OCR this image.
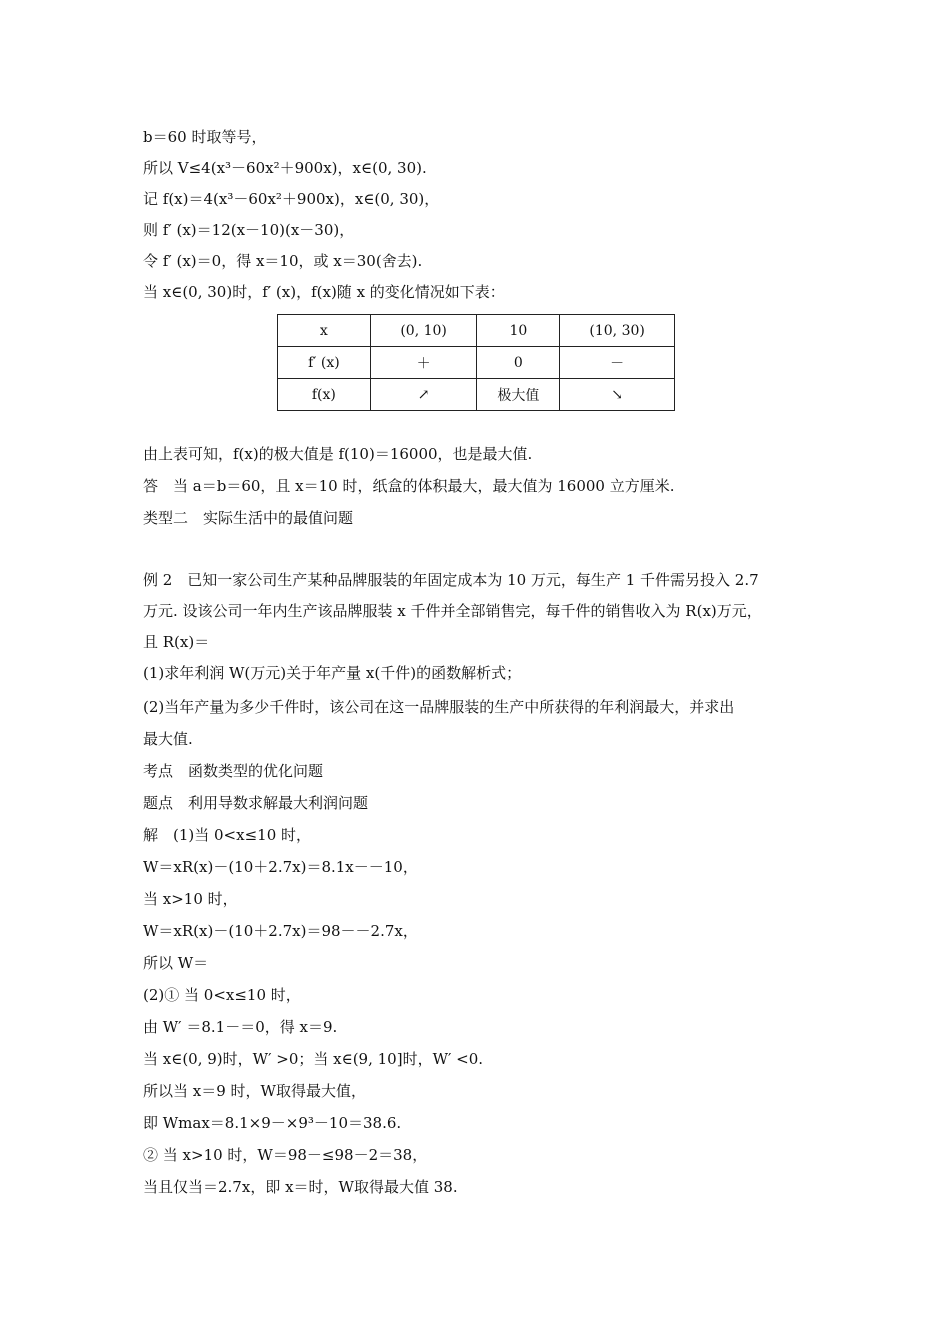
b＝60 时取等号，

所以 V≤4(x³－60x²＋900x)，x∈(0, 30).

记 f(x)＝4(x³－60x²＋900x)，x∈(0, 30)，

则 f′ (x)＝12(x－10)(x－30)，

令 f′ (x)＝0，得 x＝10，或 x＝30(舍去).

当 x∈(0, 30)时，f′ (x)，f(x)随 x 的变化情况如下表：

x	(0, 10)	10	(10, 30)
f′ (x)	＋	0	－
f(x)	↗	极大值	↘

由上表可知，f(x)的极大值是 f(10)＝16000，也是最大值.

答　当 a＝b＝60，且 x＝10 时，纸盒的体积最大，最大值为 16000 立方厘米.

类型二　实际生活中的最值问题

例 2　已知一家公司生产某种品牌服装的年固定成本为 10 万元，每生产 1 千件需另投入 2.7

万元. 设该公司一年内生产该品牌服装 x 千件并全部销售完，每千件的销售收入为 R(x)万元，

且 R(x)＝

(1)求年利润 W(万元)关于年产量 x(千件)的函数解析式；

(2)当年产量为多少千件时，该公司在这一品牌服装的生产中所获得的年利润最大，并求出

最大值.

考点　函数类型的优化问题

题点　利用导数求解最大利润问题

解　(1)当 0<x≤10 时，

W＝xR(x)－(10＋2.7x)＝8.1x－－10，

当 x>10 时，

W＝xR(x)－(10＋2.7x)＝98－－2.7x，

所以 W＝

(2)① 当 0<x≤10 时，

由 W′ ＝8.1－＝0，得 x＝9.

当 x∈(0, 9)时，W′ >0；当 x∈(9, 10]时，W′ <0.

所以当 x＝9 时，W取得最大值，

即 Wmax＝8.1×9－×9³－10＝38.6.

② 当 x>10 时，W＝98－≤98－2＝38，

当且仅当＝2.7x，即 x＝时，W取得最大值 38.
